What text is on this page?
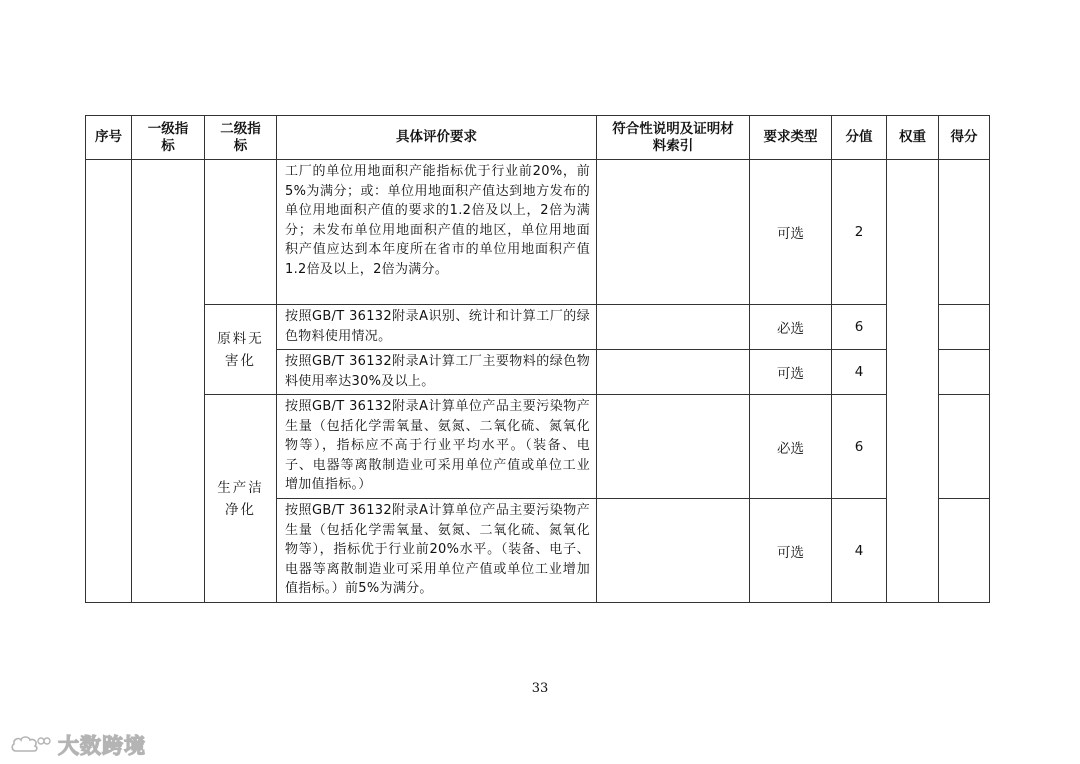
序号	一级指标	二级指标	具体评价要求	符合性说明及证明材料索引	要求类型	分值	权重	得分
			工厂的单位用地面积产能指标优于行业前20%，前5%为满分；或：单位用地面积产值达到地方发布的单位用地面积产值的要求的1.2倍及以上，2倍为满分；未发布单位用地面积产值的地区，单位用地面积产值应达到本年度所在省市的单位用地面积产值1.2倍及以上，2倍为满分。		可选	2		
		原料无害化	按照GB/T 36132附录A识别、统计和计算工厂的绿色物料使用情况。		必选	6		
			按照GB/T 36132附录A计算工厂主要物料的绿色物料使用率达30%及以上。		可选	4		
		生产洁净化	按照GB/T 36132附录A计算单位产品主要污染物产生量（包括化学需氧量、氨氮、二氧化硫、氮氧化物等），指标应不高于行业平均水平。（装备、电子、电器等离散制造业可采用单位产值或单位工业增加值指标。）		必选	6		
			按照GB/T 36132附录A计算单位产品主要污染物产生量（包括化学需氧量、氨氮、二氧化硫、氮氧化物等），指标优于行业前20%水平。（装备、电子、电器等离散制造业可采用单位产值或单位工业增加值指标。）前5%为满分。		可选	4		
33
大数跨境
